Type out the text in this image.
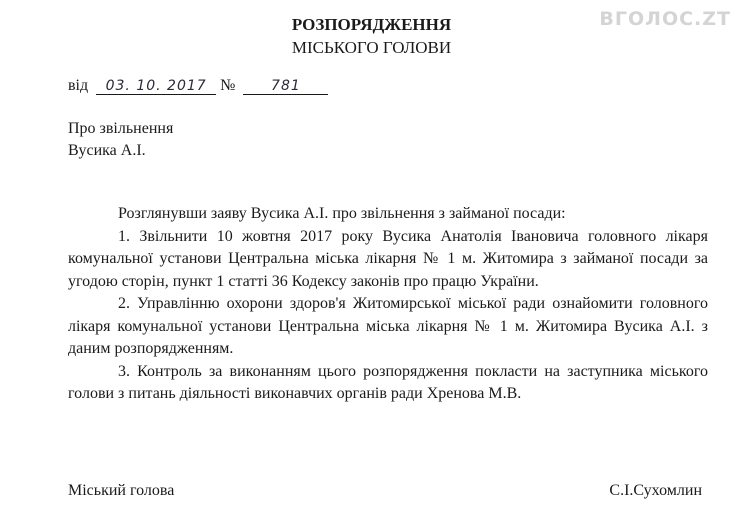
ВГОЛОС.ZT
РОЗПОРЯДЖЕННЯ
МІСЬКОГО ГОЛОВИ
від 03. 10. 2017 №	781
Про звільнення
Вусика А.І.

Розглянувши заяву Вусика А.І. про звільнення з займаної посади:

1. Звільнити 10 жовтня 2017 року Вусика Анатолія Івановича головного лікаря комунальної установи Центральна міська лікарня № 1 м. Житомира з займаної посади за угодою сторін, пункт 1 статті 36 Кодексу законів про працю України.

2. Управлінню охорони здоров'я Житомирської міської ради ознайомити головного лікаря комунальної установи Центральна міська лікарня № 1 м. Житомира Вусика А.І. з даним розпорядженням.

3. Контроль за виконанням цього розпорядження покласти на заступника міського голови з питань діяльності виконавчих органів ради Хренова М.В.

Міський голова	С.І.Сухомлин
